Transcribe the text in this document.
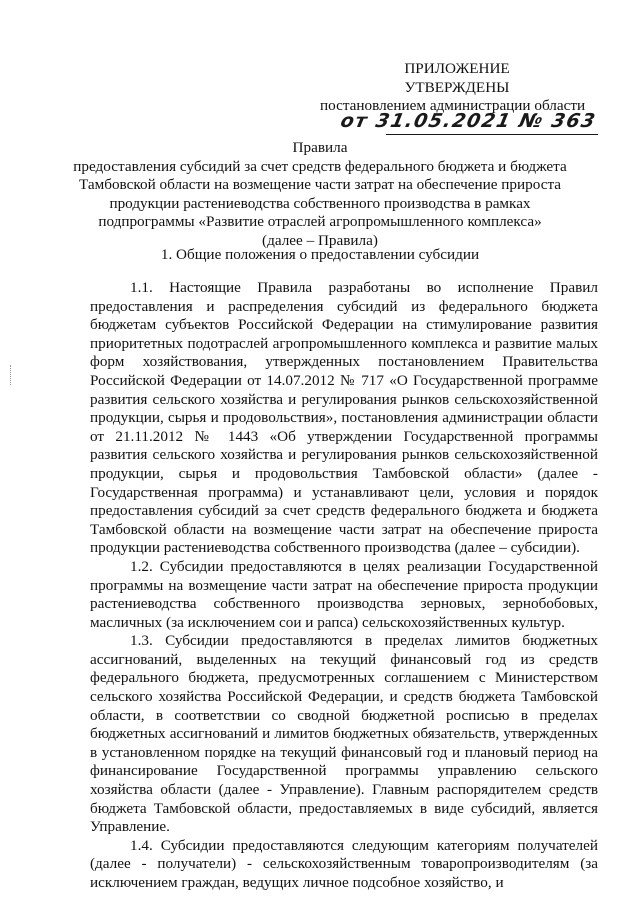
ПРИЛОЖЕНИЕ
УТВЕРЖДЕНЫ
постановлением администрации области
от 31.05.2021 № 363
Правила
предоставления субсидий за счет средств федерального бюджета и бюджета
Тамбовской области на возмещение части затрат на обеспечение прироста
продукции растениеводства собственного производства в рамках
подпрограммы «Развитие отраслей агропромышленного комплекса»
(далее – Правила)
1. Общие положения о предоставлении субсидии

1.1. Настоящие Правила разработаны во исполнение Правил предоставления и распределения субсидий из федерального бюджета бюджетам субъектов Российской Федерации на стимулирование развития приоритетных подотраслей агропромышленного комплекса и развитие малых форм хозяйствования, утвержденных постановлением Правительства Российской Федерации от 14.07.2012 № 717 «О Государственной программе развития сельского хозяйства и регулирования рынков сельскохозяйственной продукции, сырья и продовольствия», постановления администрации области от 21.11.2012 № 1443 «Об утверждении Государственной программы развития сельского хозяйства и регулирования рынков сельскохозяйственной продукции, сырья и продовольствия Тамбовской области» (далее - Государственная программа) и устанавливают цели, условия и порядок предоставления субсидий за счет средств федерального бюджета и бюджета Тамбовской области на возмещение части затрат на обеспечение прироста продукции растениеводства собственного производства (далее – субсидии).

1.2. Субсидии предоставляются в целях реализации Государственной программы на возмещение части затрат на обеспечение прироста продукции растениеводства собственного производства зерновых, зернобобовых, масличных (за исключением сои и рапса) сельскохозяйственных культур.

1.3. Субсидии предоставляются в пределах лимитов бюджетных ассигнований, выделенных на текущий финансовый год из средств федерального бюджета, предусмотренных соглашением с Министерством сельского хозяйства Российской Федерации, и средств бюджета Тамбовской области, в соответствии со сводной бюджетной росписью в пределах бюджетных ассигнований и лимитов бюджетных обязательств, утвержденных в установленном порядке на текущий финансовый год и плановый период на финансирование Государственной программы управлению сельского хозяйства области (далее - Управление). Главным распорядителем средств бюджета Тамбовской области, предоставляемых в виде субсидий, является Управление.

1.4. Субсидии предоставляются следующим категориям получателей (далее - получатели) - сельскохозяйственным товаропроизводителям (за исключением граждан, ведущих личное подсобное хозяйство, и
